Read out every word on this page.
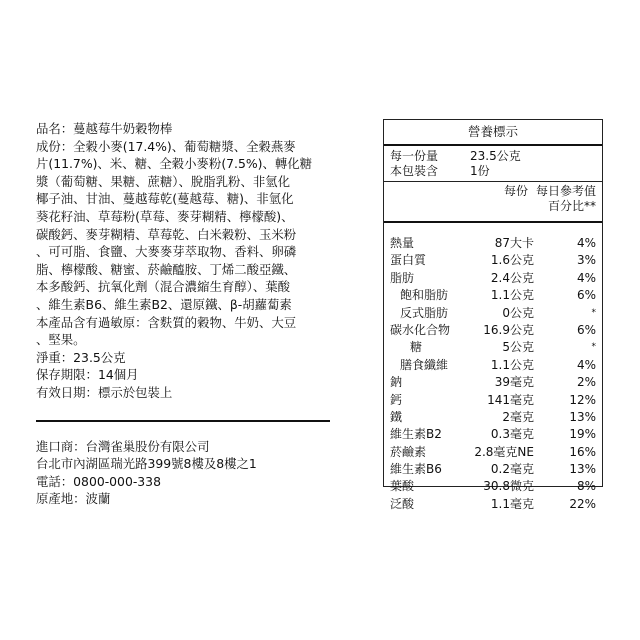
品名：蔓越莓牛奶穀物棒

成份：全穀小麥(17.4%)、葡萄糖漿、全穀燕麥

片(11.7%)、米、糖、全穀小麥粉(7.5%)、轉化糖

漿（葡萄糖、果糖、蔗糖）、脫脂乳粉、非氫化

椰子油、甘油、蔓越莓乾(蔓越莓、糖)、非氫化

葵花籽油、草莓粉(草莓、麥芽糊精、檸檬酸)、

碳酸鈣、麥芽糊精、草莓乾、白米穀粉、玉米粉

、可可脂、食鹽、大麥麥芽萃取物、香料、卵磷

脂、檸檬酸、糖蜜、菸鹼醯胺、丁烯二酸亞鐵、

本多酸鈣、抗氧化劑（混合濃縮生育醇）、葉酸

、維生素B6、維生素B2、還原鐵、β-胡蘿蔔素

本產品含有過敏原：含麩質的穀物、牛奶、大豆

、堅果。

淨重：23.5公克

保存期限：14個月

有效日期：標示於包裝上

進口商：台灣雀巢股份有限公司

台北市內湖區瑞光路399號8樓及8樓之1

電話：0800-000-338

原產地：波蘭

營養標示
每一份量	23.5公克
本包裝含	1份
每份 每日參考值
百分比**
熱量	87大卡	4%
蛋白質	1.6公克	3%
脂肪	2.4公克	4%
飽和脂肪	1.1公克	6%
反式脂肪	0公克	*
碳水化合物	16.9公克	6%
糖	5公克	*
膳食纖維	1.1公克	4%
鈉	39毫克	2%
鈣	141毫克	12%
鐵	2毫克	13%
維生素B2	0.3毫克	19%
菸鹼素	2.8毫克NE	16%
維生素B6	0.2毫克	13%
葉酸	30.8微克	8%
泛酸	1.1毫克	22%
